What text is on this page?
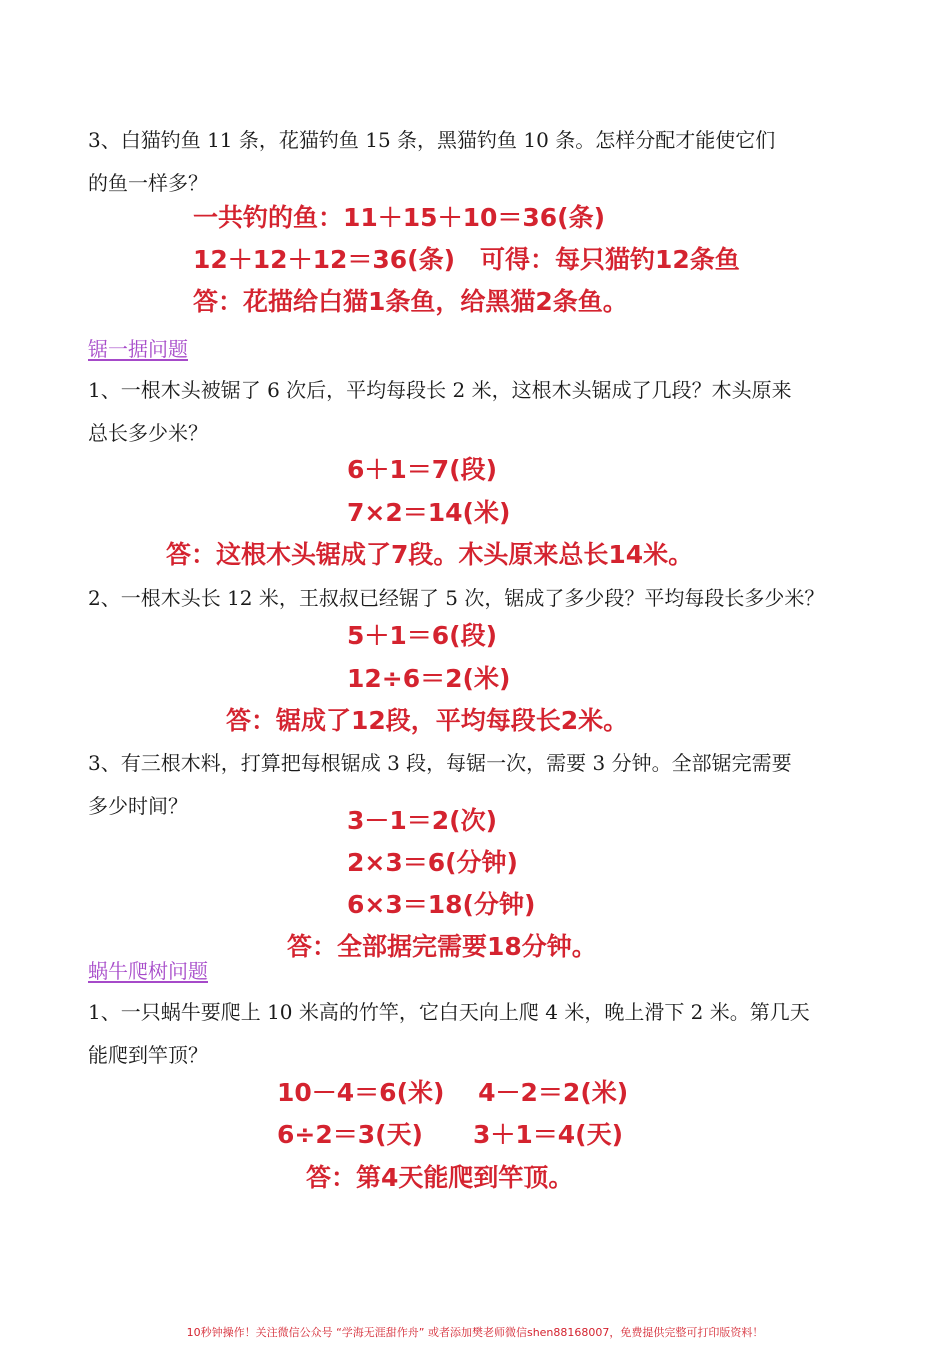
3、白猫钓鱼 11 条，花猫钓鱼 15 条，黑猫钓鱼 10 条。怎样分配才能使它们

的鱼一样多？

一共钓的鱼：11＋15＋10＝36(条)

12＋12＋12＝36(条)　可得：每只猫钓12条鱼

答：花描给白猫1条鱼，给黑猫2条鱼。

锯一据问题

1、一根木头被锯了 6 次后，平均每段长 2 米，这根木头锯成了几段？木头原来

总长多少米？

6＋1＝7(段)

7×2＝14(米)

答：这根木头锯成了7段。木头原来总长14米。

2、一根木头长 12 米，王叔叔已经锯了 5 次，锯成了多少段？平均每段长多少米？

5＋1＝6(段)

12÷6＝2(米)

答：锯成了12段，平均每段长2米。

3、有三根木料，打算把每根锯成 3 段，每锯一次，需要 3 分钟。全部锯完需要

多少时间？	3－1＝2(次)

2×3＝6(分钟)

6×3＝18(分钟)

答：全部据完需要18分钟。

蜗牛爬树问题

1、一只蜗牛要爬上 10 米高的竹竿，它白天向上爬 4 米，晚上滑下 2 米。第几天

能爬到竿顶？

10－4＝6(米)　 4－2＝2(米)

6÷2＝3(天)　　3＋1＝4(天)

答：第4天能爬到竿顶。

10秒钟操作！关注微信公众号 “学海无涯甜作舟” 或者添加樊老师微信shen88168007，免费提供完整可打印版资料！
